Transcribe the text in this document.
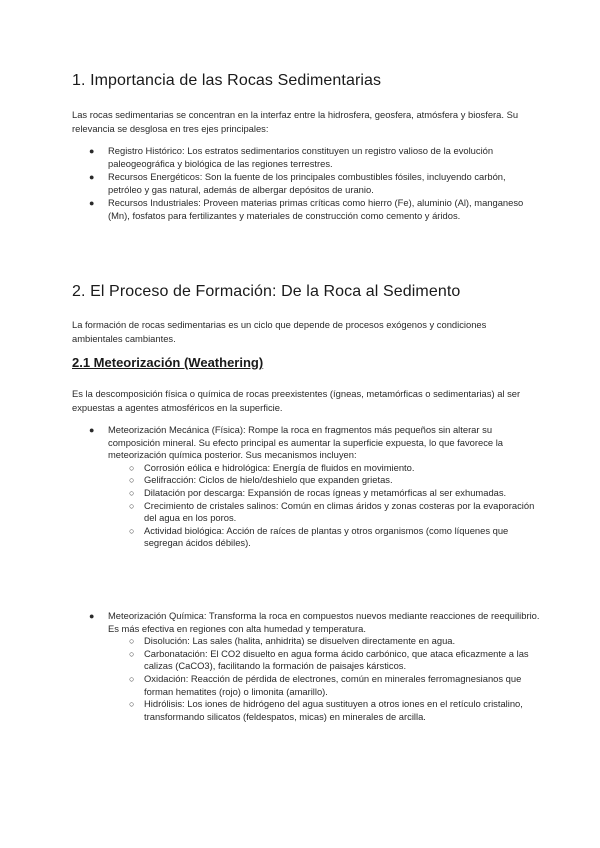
1. Importancia de las Rocas Sedimentarias

Las rocas sedimentarias se concentran en la interfaz entre la hidrosfera, geosfera, atmósfera y biosfera. Su relevancia se desglosa en tres ejes principales:

● Registro Histórico: Los estratos sedimentarios constituyen un registro valioso de la evolución paleogeográfica y biológica de las regiones terrestres.
● Recursos Energéticos: Son la fuente de los principales combustibles fósiles, incluyendo carbón, petróleo y gas natural, además de albergar depósitos de uranio.
● Recursos Industriales: Proveen materias primas críticas como hierro (Fe), aluminio (Al), manganeso (Mn), fosfatos para fertilizantes y materiales de construcción como cemento y áridos.
2. El Proceso de Formación: De la Roca al Sedimento

La formación de rocas sedimentarias es un ciclo que depende de procesos exógenos y condiciones ambientales cambiantes.

2.1 Meteorización (Weathering)

Es la descomposición física o química de rocas preexistentes (ígneas, metamórficas o sedimentarias) al ser expuestas a agentes atmosféricos en la superficie.

● Meteorización Mecánica (Física): Rompe la roca en fragmentos más pequeños sin alterar su composición mineral. Su efecto principal es aumentar la superficie expuesta, lo que favorece la meteorización química posterior. Sus mecanismos incluyen:
○ Corrosión eólica e hidrológica: Energía de fluidos en movimiento.
○ Gelifracción: Ciclos de hielo/deshielo que expanden grietas.
○ Dilatación por descarga: Expansión de rocas ígneas y metamórficas al ser exhumadas.
○ Crecimiento de cristales salinos: Común en climas áridos y zonas costeras por la evaporación del agua en los poros.
○ Actividad biológica: Acción de raíces de plantas y otros organismos (como líquenes que segregan ácidos débiles).
● Meteorización Química: Transforma la roca en compuestos nuevos mediante reacciones de reequilibrio. Es más efectiva en regiones con alta humedad y temperatura.
○ Disolución: Las sales (halita, anhidrita) se disuelven directamente en agua.
○ Carbonatación: El CO2 disuelto en agua forma ácido carbónico, que ataca eficazmente a las calizas (CaCO3), facilitando la formación de paisajes kársticos.
○ Oxidación: Reacción de pérdida de electrones, común en minerales ferromagnesianos que forman hematites (rojo) o limonita (amarillo).
○ Hidrólisis: Los iones de hidrógeno del agua sustituyen a otros iones en el retículo cristalino, transformando silicatos (feldespatos, micas) en minerales de arcilla.
